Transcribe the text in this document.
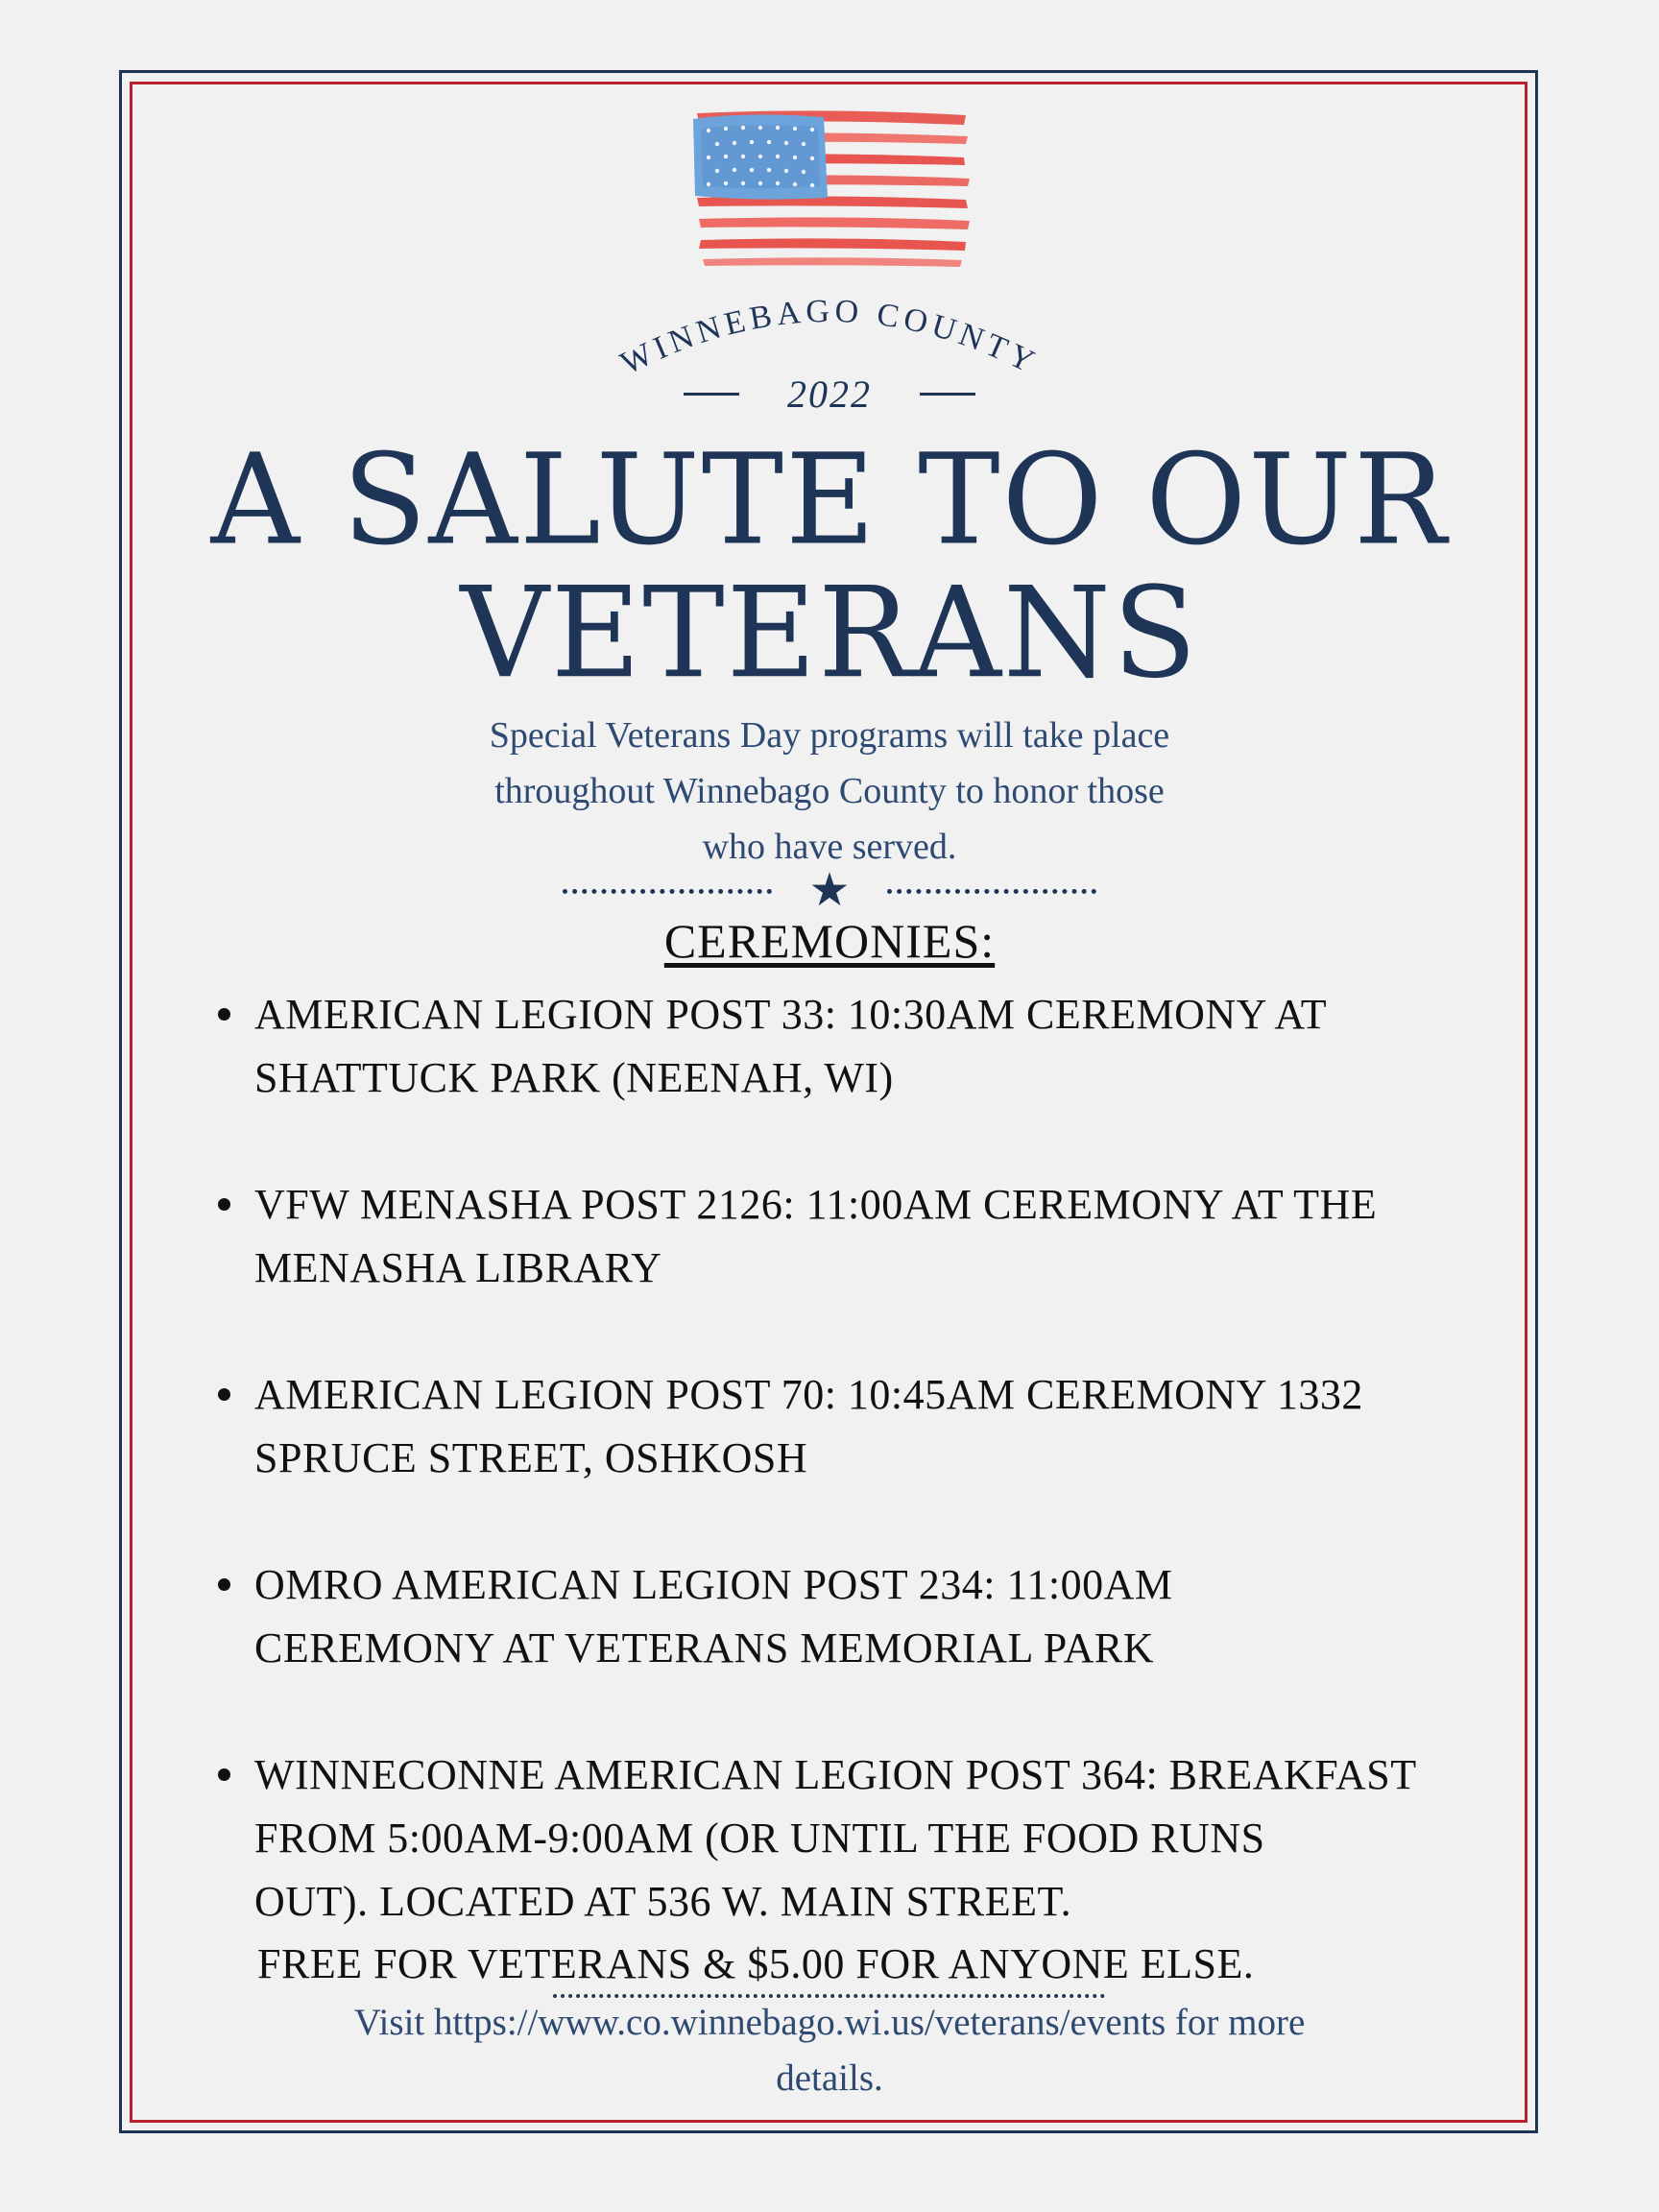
WINNEBAGO COUNTY
2022
A SALUTE TO OUR
VETERANS
Special Veterans Day programs will take place
throughout Winnebago County to honor those
who have served.
★
CEREMONIES:
AMERICAN LEGION POST 33: 10:30AM CEREMONY AT
SHATTUCK PARK (NEENAH, WI)
VFW MENASHA POST 2126: 11:00AM CEREMONY AT THE
MENASHA LIBRARY
AMERICAN LEGION POST 70: 10:45AM CEREMONY 1332
SPRUCE STREET, OSHKOSH
OMRO AMERICAN LEGION POST 234: 11:00AM
CEREMONY AT VETERANS MEMORIAL PARK
WINNECONNE AMERICAN LEGION POST 364: BREAKFAST
FROM 5:00AM-9:00AM (OR UNTIL THE FOOD RUNS
OUT). LOCATED AT 536 W. MAIN STREET.
FREE FOR VETERANS & $5.00 FOR ANYONE ELSE.
Visit https://www.co.winnebago.wi.us/veterans/events for more
details.
